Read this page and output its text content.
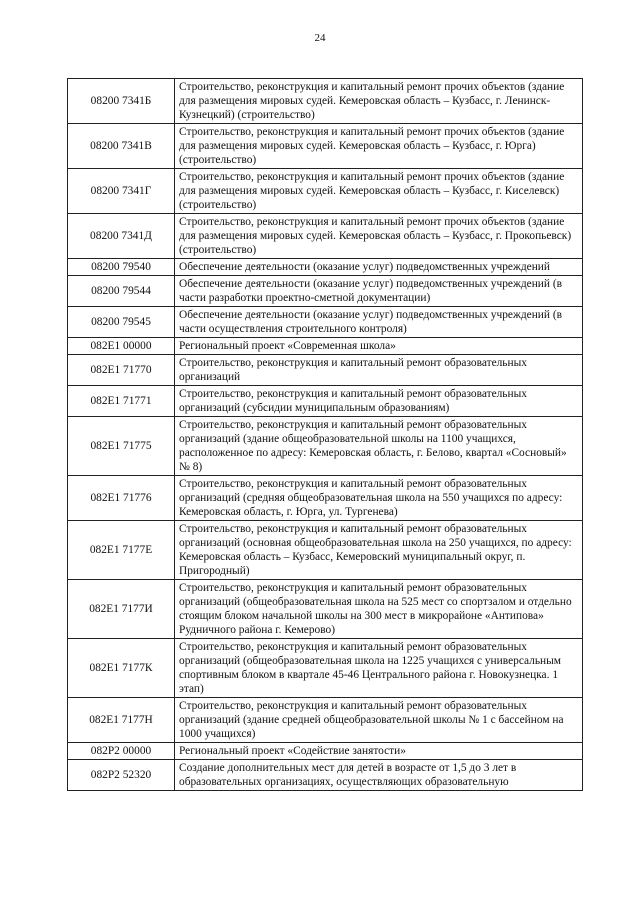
24
08200 7341Б	Строительство, реконструкция и капитальный ремонт прочих объектов (здание для размещения мировых судей. Кемеровская область – Кузбасс, г. Ленинск-Кузнецкий) (строительство)
08200 7341В	Строительство, реконструкция и капитальный ремонт прочих объектов (здание для размещения мировых судей. Кемеровская область – Кузбасс, г. Юрга) (строительство)
08200 7341Г	Строительство, реконструкция и капитальный ремонт прочих объектов (здание для размещения мировых судей. Кемеровская область – Кузбасс, г. Киселевск) (строительство)
08200 7341Д	Строительство, реконструкция и капитальный ремонт прочих объектов (здание для размещения мировых судей. Кемеровская область – Кузбасс, г. Прокопьевск) (строительство)
08200 79540	Обеспечение деятельности (оказание услуг) подведомственных учреждений
08200 79544	Обеспечение деятельности (оказание услуг) подведомственных учреждений (в части разработки проектно-сметной документации)
08200 79545	Обеспечение деятельности (оказание услуг) подведомственных учреждений (в части осуществления строительного контроля)
082E1 00000	Региональный проект «Современная школа»
082E1 71770	Строительство, реконструкция и капитальный ремонт образовательных организаций
082E1 71771	Строительство, реконструкция и капитальный ремонт образовательных организаций (субсидии муниципальным образованиям)
082E1 71775	Строительство, реконструкция и капитальный ремонт образовательных организаций (здание общеобразовательной школы на 1100 учащихся, расположенное по адресу: Кемеровская область, г. Белово, квартал «Сосновый» № 8)
082E1 71776	Строительство, реконструкция и капитальный ремонт образовательных организаций (средняя общеобразовательная школа на 550 учащихся по адресу: Кемеровская область, г. Юрга, ул. Тургенева)
082E1 7177E	Строительство, реконструкция и капитальный ремонт образовательных организаций (основная общеобразовательная школа на 250 учащихся, по адресу: Кемеровская область – Кузбасс, Кемеровский муниципальный округ, п. Пригородный)
082E1 7177И	Строительство, реконструкция и капитальный ремонт образовательных организаций (общеобразовательная школа на 525 мест со спортзалом и отдельно стоящим блоком начальной школы на 300 мест в микрорайоне «Антипова» Рудничного района г. Кемерово)
082E1 7177К	Строительство, реконструкция и капитальный ремонт образовательных организаций (общеобразовательная школа на 1225 учащихся с универсальным спортивным блоком в квартале 45-46 Центрального района г. Новокузнецка. 1 этап)
082E1 7177Н	Строительство, реконструкция и капитальный ремонт образовательных организаций (здание средней общеобразовательной школы № 1 с бассейном на 1000 учащихся)
082P2 00000	Региональный проект «Содействие занятости»
082P2 52320	Создание дополнительных мест для детей в возрасте от 1,5 до 3 лет в образовательных организациях, осуществляющих образовательную
